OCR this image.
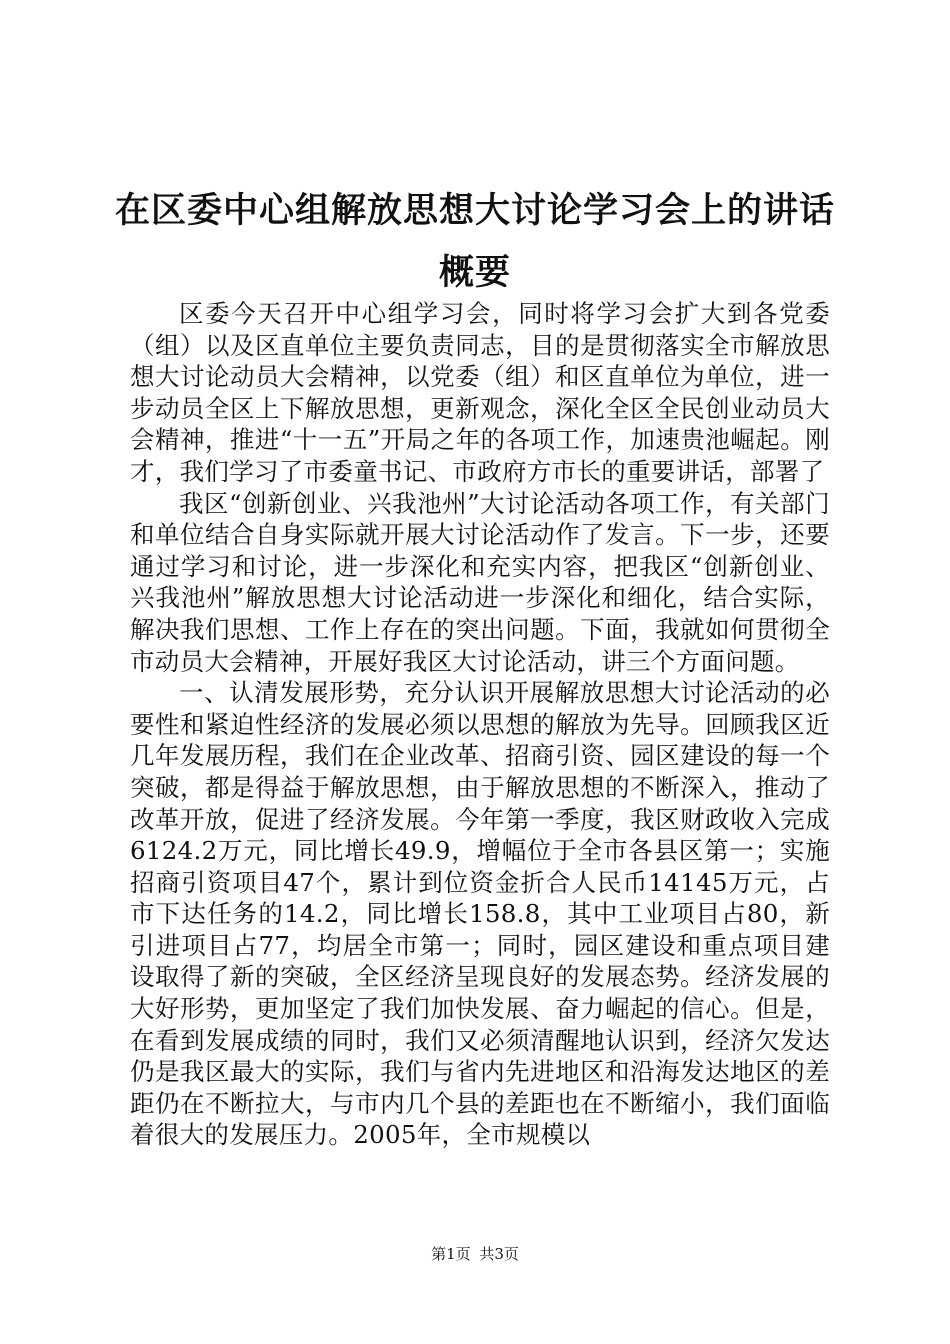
在区委中心组解放思想大讨论学习会上的讲话概要

区委今天召开中心组学习会，同时将学习会扩大到各党委（组）以及区直单位主要负责同志，目的是贯彻落实全市解放思想大讨论动员大会精神，以党委（组）和区直单位为单位，进一步动员全区上下解放思想，更新观念，深化全区全民创业动员大会精神，推进“十一五”开局之年的各项工作，加速贵池崛起。刚才，我们学习了市委童书记、市政府方市长的重要讲话，部署了

我区“创新创业、兴我池州”大讨论活动各项工作，有关部门和单位结合自身实际就开展大讨论活动作了发言。下一步，还要通过学习和讨论，进一步深化和充实内容，把我区“创新创业、兴我池州”解放思想大讨论活动进一步深化和细化，结合实际，解决我们思想、工作上存在的突出问题。下面，我就如何贯彻全市动员大会精神，开展好我区大讨论活动，讲三个方面问题。

一、认清发展形势，充分认识开展解放思想大讨论活动的必要性和紧迫性经济的发展必须以思想的解放为先导。回顾我区近几年发展历程，我们在企业改革、招商引资、园区建设的每一个突破，都是得益于解放思想，由于解放思想的不断深入，推动了改革开放，促进了经济发展。今年第一季度，我区财政收入完成6124.2万元，同比增长49.9，增幅位于全市各县区第一；实施招商引资项目47个，累计到位资金折合人民币14145万元，占市下达任务的14.2，同比增长158.8，其中工业项目占80，新引进项目占77，均居全市第一；同时，园区建设和重点项目建设取得了新的突破，全区经济呈现良好的发展态势。经济发展的大好形势，更加坚定了我们加快发展、奋力崛起的信心。但是，在看到发展成绩的同时，我们又必须清醒地认识到，经济欠发达仍是我区最大的实际，我们与省内先进地区和沿海发达地区的差距仍在不断拉大，与市内几个县的差距也在不断缩小，我们面临着很大的发展压力。2005年，全市规模以

第1页 共3页
